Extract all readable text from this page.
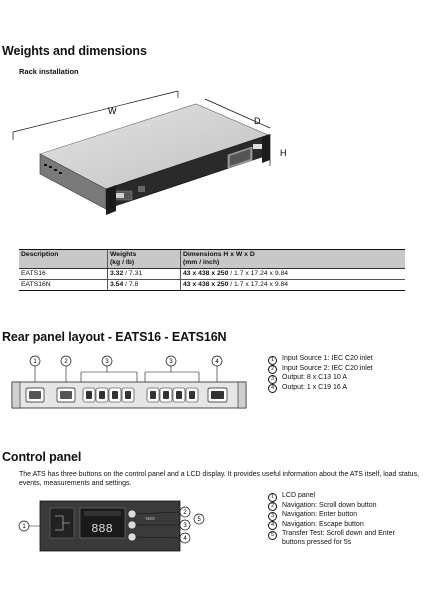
Weights and dimensions
Rack installation
W
D
H
Description	Weights
(kg / lb)	Dimensions H x W x D
(mm / inch)
EATS16	3.32 / 7.31	43 x 438 x 250 / 1.7 x 17.24 x 9.84
EATS16N	3.54 / 7.8	43 x 438 x 250 / 1.7 x 17.24 x 9.84
Rear panel layout - EATS16 - EATS16N
1	2	3	3	4	1	Input Source 1: IEC C20 inlet
2	Input Source 2: IEC C20 inlet
3	Output: 8 x C13 10 A
4	Output: 1 x C19 16 A
Control panel
The ATS has three buttons on the control panel and a LCD display. It provides useful information about the ATS itself, load status, events, measurements and settings.
1	888
TEST
2
3
4
5
1	LCD panel
2	Navigation: Scroll down button
3	Navigation: Enter button
4	Navigation: Escape button
5	Transfer Test: Scroll down and Enter buttons pressed for 5s
